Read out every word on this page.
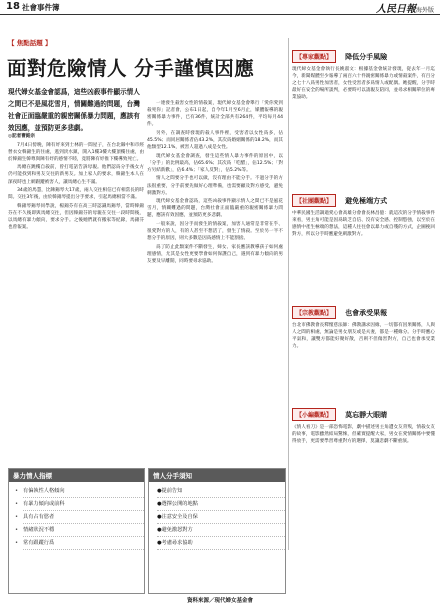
18 社會事件簿	人民日報海外版
【 焦點話題 】
面對危險情人 分手謹慎因應
現代婦女基金會認爲，這些凶殺事件顯示情人之間已不是風花雪月，情關難過的問題，台灣社會正面臨嚴重的親密關係暴力問題，應該有效因應，並預防更多悲劇。

◎記者曹銘宗

7月4日傍晚，陳有妤來到士林的一間屋子，在台北縣中和市經營衣女韓錦生的住處，逃到淡水鎮，開入1樓3樓大樓頂樓住處，由於韓錦生韓尊與陳有妤的感情不睦，竟將陳有妤推下樓導致死亡。

馬總在跳樓自殺前，曾打電話告訴母親。他們認爲分手後女方仍可能找到和男友交往的新男友。加上家人的要求，韓錦生本人在深夜時也上網跟蹤被害人，讓馬總心生不滿。

34歲的馬慧，比陳錫琴大17歲，兩人交往相信已有相當長的時間。交往3年後，由於韓錦琴提出分手要求，引起馬總相當不滿。

韓錦琴錫琴同學說，楊錦芬有在高三時認識馬錫琴，當時韓錦芬在不久後即與馬總交往，但因韓錦芬的母親在交往一段時間後，以馬總有暴力傾向，要求分手。之後她們就有搬家等紀錄，馬錦芬也曾報案。

一連發生殺害女性的情殺案，現代婦女基金會舉行「愛你愛到殺死你」記者會，公布1日起，自今年1月至6月止，媒體報導的親密關係暴力事件，已有36件，統計全部共有264件，平均每月44件。

另外，在調查時發現的殺人事件裡，受害者以女性爲多，佔45.5%；而同居關係者佔43.2%，其次爲婚姻關係的18.2%，而其他類型12.1%，被害人超過八成是女性。

現代婦女基金會調查，發生這些情人暴力事件的原因中，以「分手」的比例最高，佔65.6%；其次爲「吃醋」，佔12.5%；「對方另結新歡」，佔6.4%；「家人反對」，佔5.2%等。

情人之間要分手也可以做，沒有理由不能分手。不過分手的方法很重要，分手前要先做好心理準備，也需要顧及對方感受，避免刺激對方。

現代婦女基金會認爲，這些凶殺事件顯示情人之間已不是風花雪月，情關難過的問題，台灣社會正面臨嚴重的親密關係暴力問題，應該有效因應，並預防更多悲劇。

一般來說，因分手而發生的情殺案，加害人通常是非常在乎、很愛對方的人，有的人甚至不想活了，發生了情殺。至於另一半不想分手的原因，則大多數是因爲感情上不能割捨。

爲了防止此類案件不斷發生，婦女、家長應該教導孩子如何處理感情，尤其是女性更要學會如何保護自己，遇到有暴力傾向的男友要及早離開，同時要尋求協助。

【專家觀點】 降低分手風險
現代婦女基金會執行長姚淑文：根據基金會統計發現，從去年一月迄今，新聞媒體至少報導了兩百六十件親密關係暴力或情殺案件，有百分之七十八爲男性加害者，女性受害者多爲情人或配偶。她提醒，分手時最好在安全的場所談判，必要時可以請親友陪同，並尋求相關單位的專業協助。
【社團觀點】 避免極端方式
中華民國生活調適愛心會高雄分會會長林昌億：就這次的分手情殺事件來看，男主角可能是因爲缺乏自信、沒有安全感、控制慾強，以至於在感情中產生極端的想法，這種人往往會以暴力或自殘的方式，企圖挽回對方，所以分手時應避免刺激對方。
【宗教觀點】 也會承受果報
台北市佛教會長釋懷慈法師：佛教講求因緣，一切都有因果關係，人與人之間的相處，無論是男女朋友或是夫妻，都是一種緣分。分手時應心平氣和，讓雙方都能好聚好散，否則不但傷害對方，自己也會承受業力。
【小編觀點】 莫忘靜大眼睛
《情人看刀》是一部恐怖電影，劇中描述男主角遭女友背叛，情殺女友的故事，電影雖然結局驚悚，但確實提醒大家，男女在愛情關係中要懂得放手，更需要學習尊重對方的選擇，莫讓悲劇不斷重演。
暴力情人指標
• 有偏執性人格傾向
• 有暴力傾向或前科
• 具有占有慾者
• 情緒狀況不穩
• 常有跟蹤行爲
情人分手須知
●提前告知
●選擇公開的地點
●注意安全及自保
●避免激怒對方
●考慮尋求協助
資料來源／現代婦女基金會
